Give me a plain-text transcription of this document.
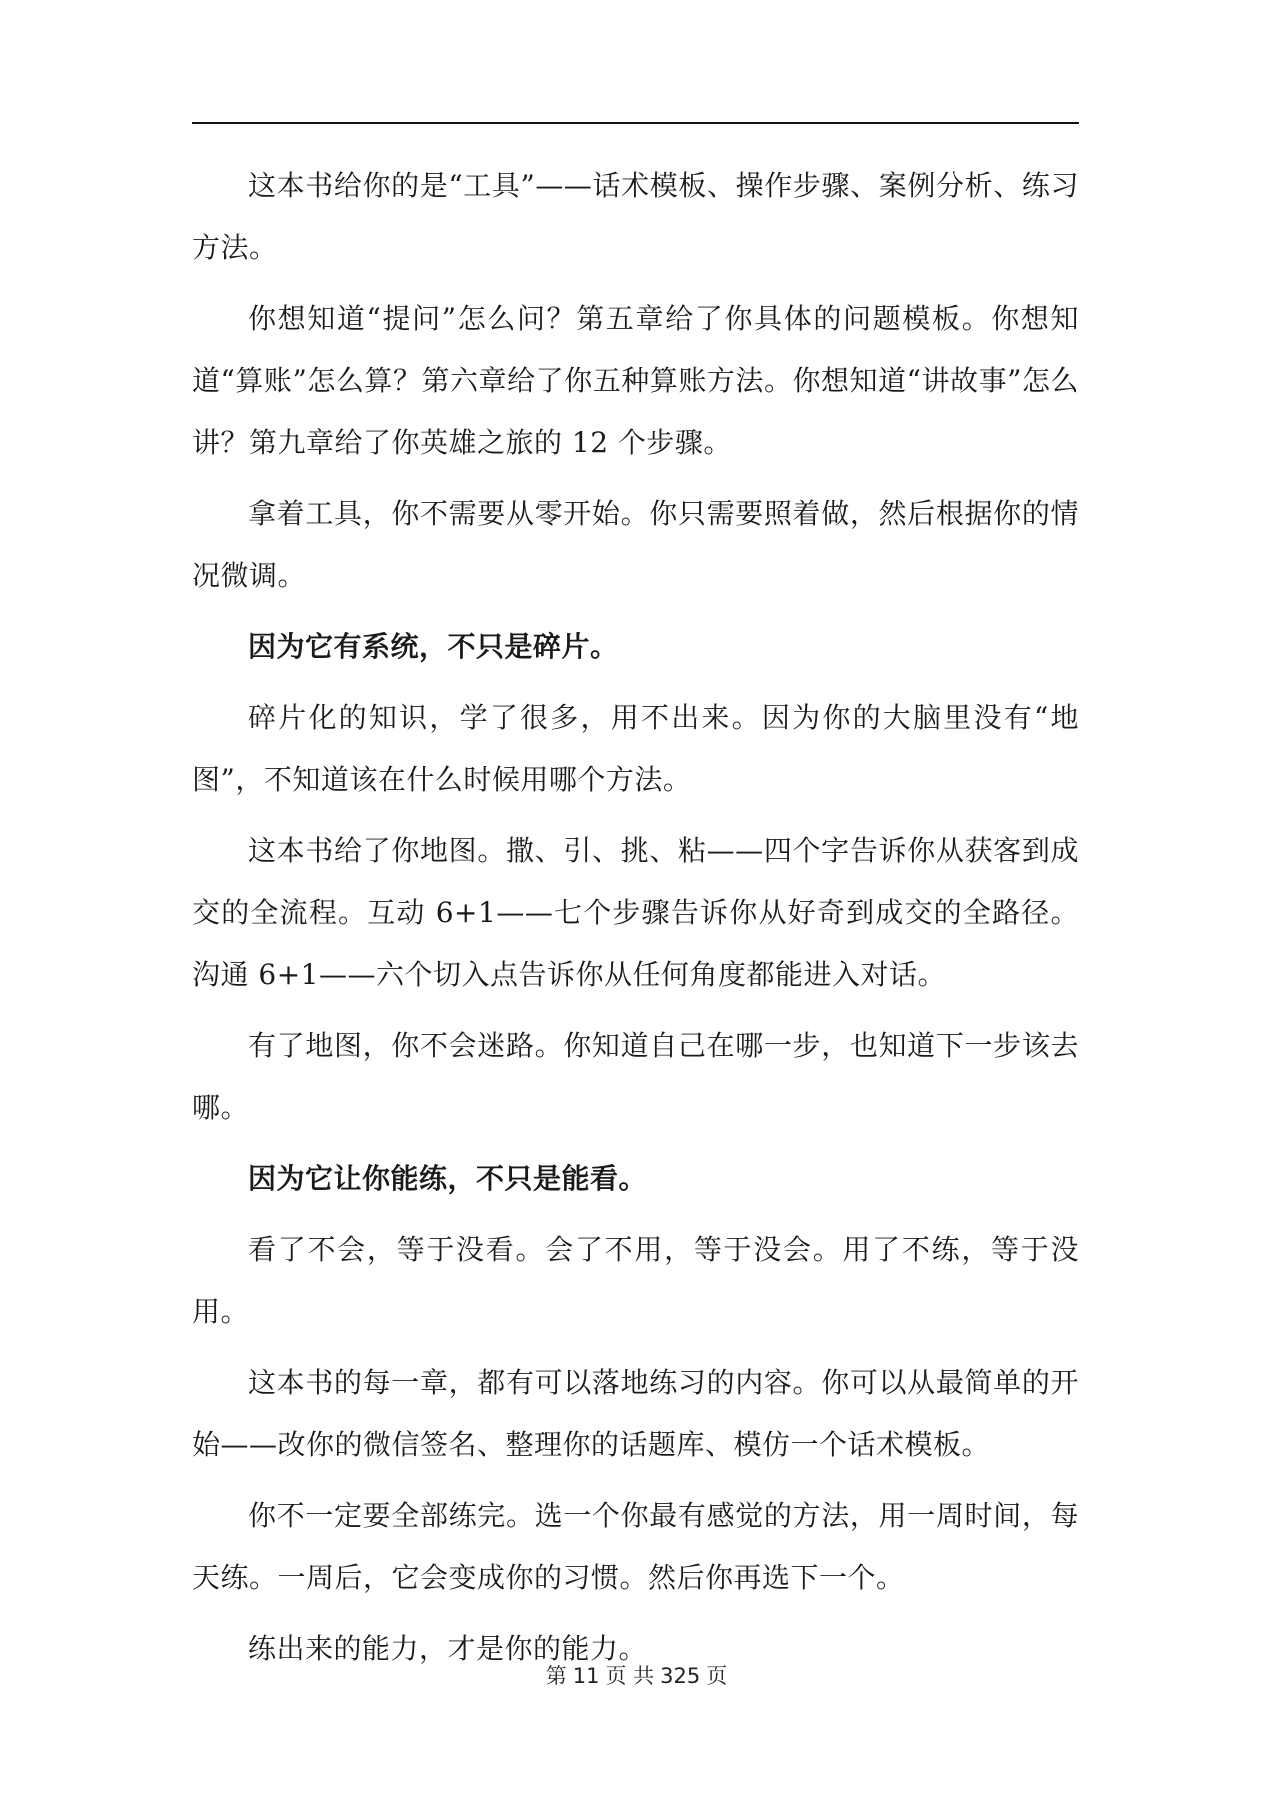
这本书给你的是“工具”——话术模板、操作步骤、案例分析、练习方法。

你想知道“提问”怎么问？第五章给了你具体的问题模板。你想知道“算账”怎么算？第六章给了你五种算账方法。你想知道“讲故事”怎么讲？第九章给了你英雄之旅的 12 个步骤。

拿着工具，你不需要从零开始。你只需要照着做，然后根据你的情况微调。

因为它有系统，不只是碎片。

碎片化的知识，学了很多，用不出来。因为你的大脑里没有“地图”，不知道该在什么时候用哪个方法。

这本书给了你地图。撒、引、挑、粘——四个字告诉你从获客到成交的全流程。互动 6+1——七个步骤告诉你从好奇到成交的全路径。沟通 6+1——六个切入点告诉你从任何角度都能进入对话。

有了地图，你不会迷路。你知道自己在哪一步，也知道下一步该去哪。

因为它让你能练，不只是能看。

看了不会，等于没看。会了不用，等于没会。用了不练，等于没用。

这本书的每一章，都有可以落地练习的内容。你可以从最简单的开始——改你的微信签名、整理你的话题库、模仿一个话术模板。

你不一定要全部练完。选一个你最有感觉的方法，用一周时间，每天练。一周后，它会变成你的习惯。然后你再选下一个。

练出来的能力，才是你的能力。

第 11 页 共 325 页
